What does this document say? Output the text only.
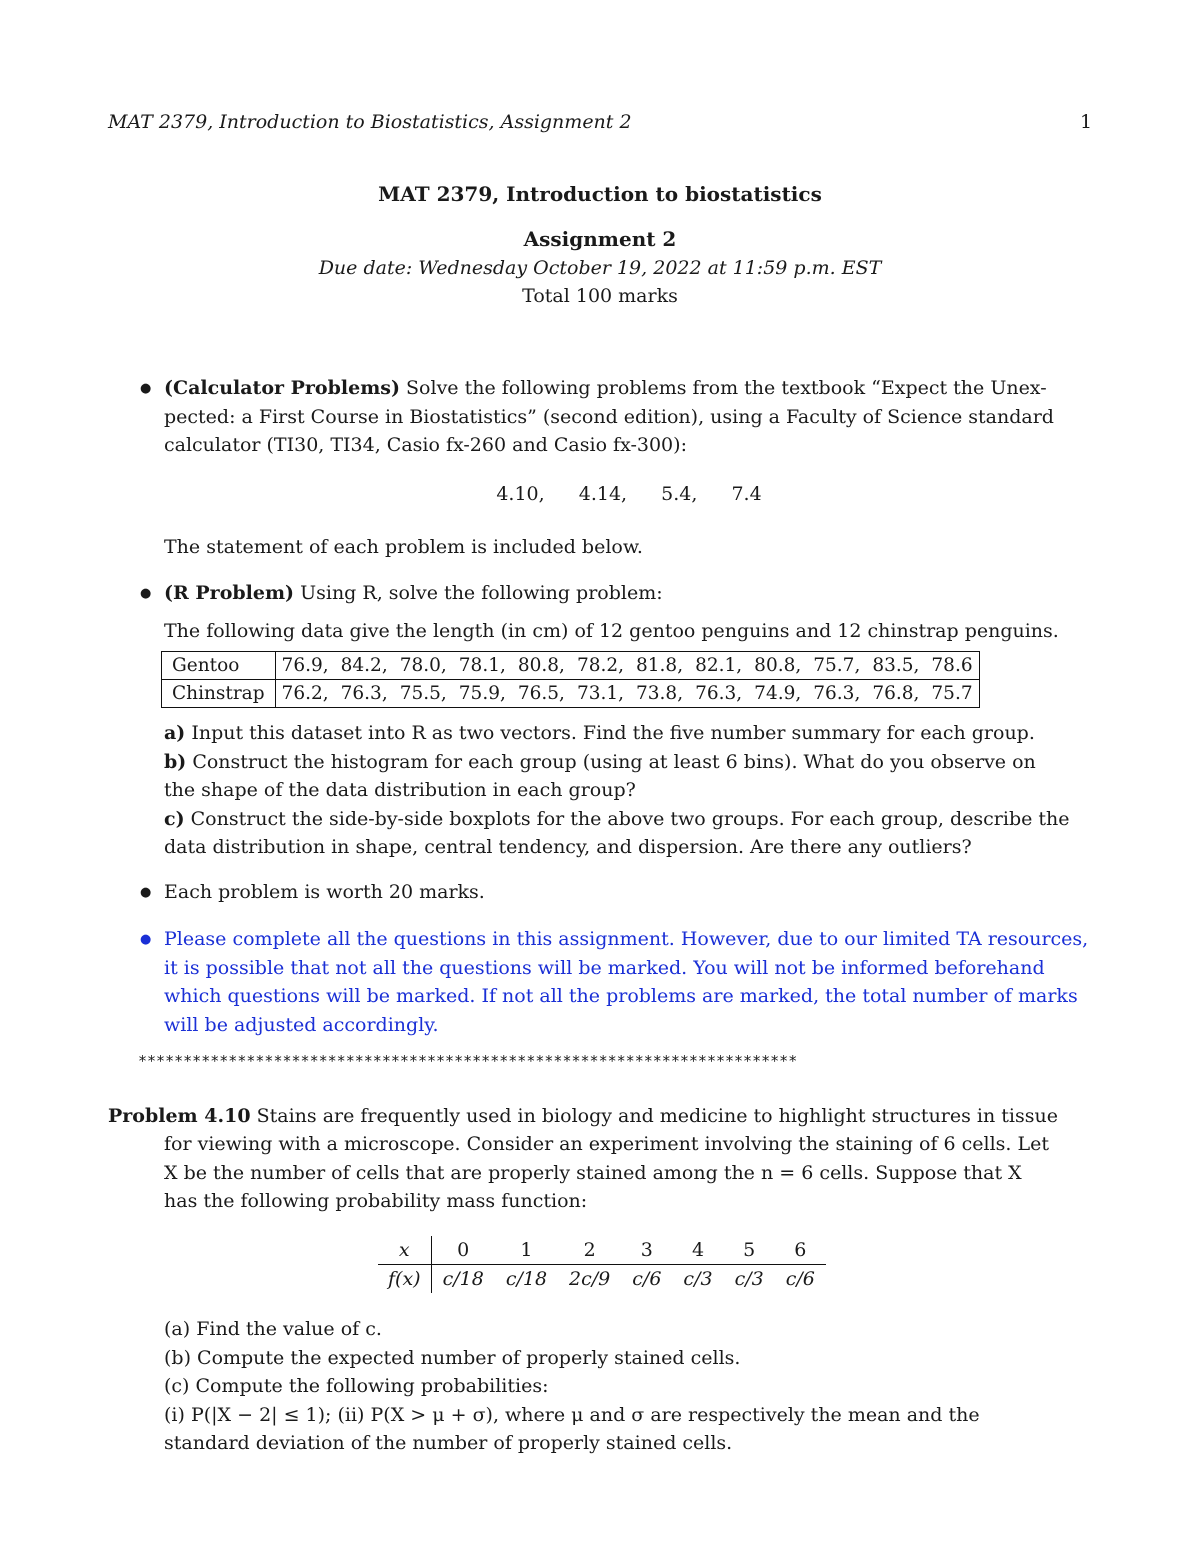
MAT 2379, Introduction to Biostatistics, Assignment 2	1
MAT 2379, Introduction to biostatistics
Assignment 2
Due date: Wednesday October 19, 2022 at 11:59 p.m. EST
Total 100 marks
● (Calculator Problems) Solve the following problems from the textbook “Expect the Unex-
pected: a First Course in Biostatistics” (second edition), using a Faculty of Science standard
calculator (TI30, TI34, Casio fx-260 and Casio fx-300):
4.10, 4.14, 5.4, 7.4
The statement of each problem is included below.
● (R Problem) Using R, solve the following problem:
The following data give the length (in cm) of 12 gentoo penguins and 12 chinstrap penguins.
Gentoo	76.9,	84.2,	78.0,	78.1,	80.8,	78.2,	81.8,	82.1,	80.8,	75.7,	83.5,	78.6
Chinstrap	76.2,	76.3,	75.5,	75.9,	76.5,	73.1,	73.8,	76.3,	74.9,	76.3,	76.8,	75.7
a) Input this dataset into R as two vectors. Find the five number summary for each group.
b) Construct the histogram for each group (using at least 6 bins). What do you observe on
the shape of the data distribution in each group?
c) Construct the side-by-side boxplots for the above two groups. For each group, describe the
data distribution in shape, central tendency, and dispersion. Are there any outliers?
● Each problem is worth 20 marks.
● Please complete all the questions in this assignment. However, due to our limited TA resources,
it is possible that not all the questions will be marked. You will not be informed beforehand
which questions will be marked. If not all the problems are marked, the total number of marks
will be adjusted accordingly.
*************************************************************************
Problem 4.10 Stains are frequently used in biology and medicine to highlight structures in tissue
for viewing with a microscope. Consider an experiment involving the staining of 6 cells. Let
X be the number of cells that are properly stained among the n = 6 cells. Suppose that X
has the following probability mass function:
x	0	1	2	3	4	5	6
f(x)	c/18	c/18	2c/9	c/6	c/3	c/3	c/6
(a) Find the value of c.
(b) Compute the expected number of properly stained cells.
(c) Compute the following probabilities:
(i) P(|X − 2| ≤ 1); (ii) P(X > μ + σ), where μ and σ are respectively the mean and the
standard deviation of the number of properly stained cells.
